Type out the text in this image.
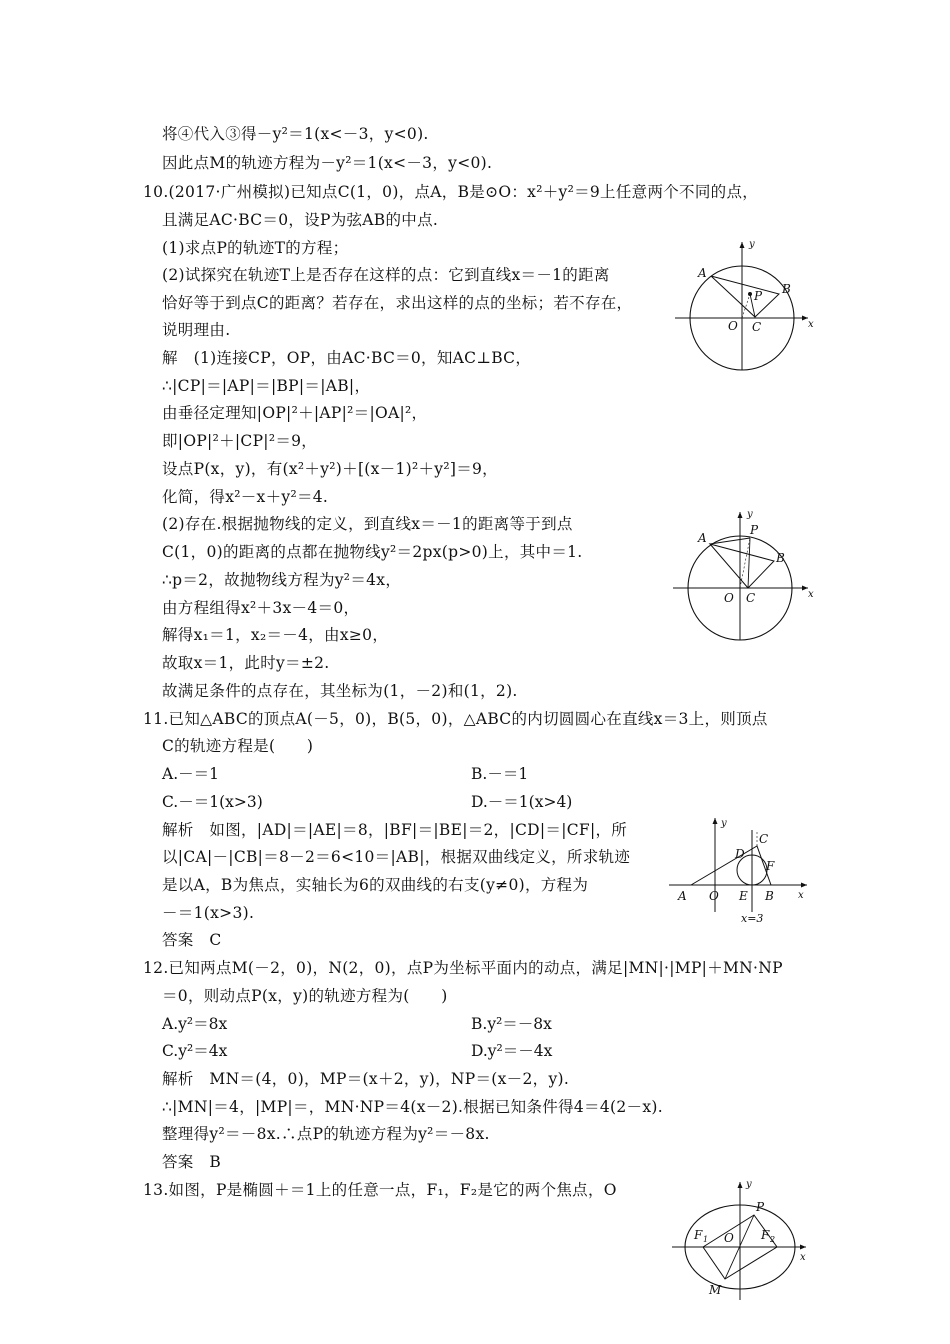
将④代入③得－y²＝1(x<－3，y<0).
因此点M的轨迹方程为－y²＝1(x<－3，y<0).
10.(2017·广州模拟)已知点C(1，0)，点A，B是⊙O：x²＋y²＝9上任意两个不同的点，
且满足AC·BC＝0，设P为弦AB的中点.
(1)求点P的轨迹T的方程；
(2)试探究在轨迹T上是否存在这样的点：它到直线x＝－1的距离
恰好等于到点C的距离？若存在，求出这样的点的坐标；若不存在，
说明理由.
解　(1)连接CP，OP，由AC·BC＝0，知AC⊥BC，
∴|CP|＝|AP|＝|BP|＝|AB|，
由垂径定理知|OP|²＋|AP|²＝|OA|²，
即|OP|²＋|CP|²＝9，
设点P(x，y)，有(x²＋y²)＋[(x－1)²＋y²]＝9，
化简，得x²－x＋y²＝4.
(2)存在.根据抛物线的定义，到直线x＝－1的距离等于到点
C(1，0)的距离的点都在抛物线y²＝2px(p>0)上，其中＝1.
∴p＝2，故抛物线方程为y²＝4x，
由方程组得x²＋3x－4＝0，
解得x₁＝1，x₂＝－4，由x≥0，
故取x＝1，此时y＝±2.
故满足条件的点存在，其坐标为(1，－2)和(1，2).
11.已知△ABC的顶点A(－5，0)，B(5，0)，△ABC的内切圆圆心在直线x＝3上，则顶点
C的轨迹方程是(　　)
A.－＝1	B.－＝1
C.－＝1(x>3)	D.－＝1(x>4)
解析　如图，|AD|＝|AE|＝8，|BF|＝|BE|＝2，|CD|＝|CF|，所
以|CA|－|CB|＝8－2＝6<10＝|AB|，根据双曲线定义，所求轨迹
是以A，B为焦点，实轴长为6的双曲线的右支(y≠0)，方程为
－＝1(x>3).
答案　C
12.已知两点M(－2，0)，N(2，0)，点P为坐标平面内的动点，满足|MN|·|MP|＋MN·NP
＝0，则动点P(x，y)的轨迹方程为(　　)
A.y²＝8x	B.y²＝－8x
C.y²＝4x	D.y²＝－4x
解析　MN＝(4，0)，MP＝(x＋2，y)，NP＝(x－2，y).
∴|MN|＝4，|MP|＝，MN·NP＝4(x－2).根据已知条件得4＝4(2－x).
整理得y²＝－8x.∴点P的轨迹方程为y²＝－8x.
答案　B
13.如图，P是椭圆＋＝1上的任意一点，F₁，F₂是它的两个焦点，O
y
x
A
B
C
O
P
y
x
A
B
C
O
P
y
x
A	B
C
D
E
F
O
x=3
y
x
P
M
O
F 1	F 2
